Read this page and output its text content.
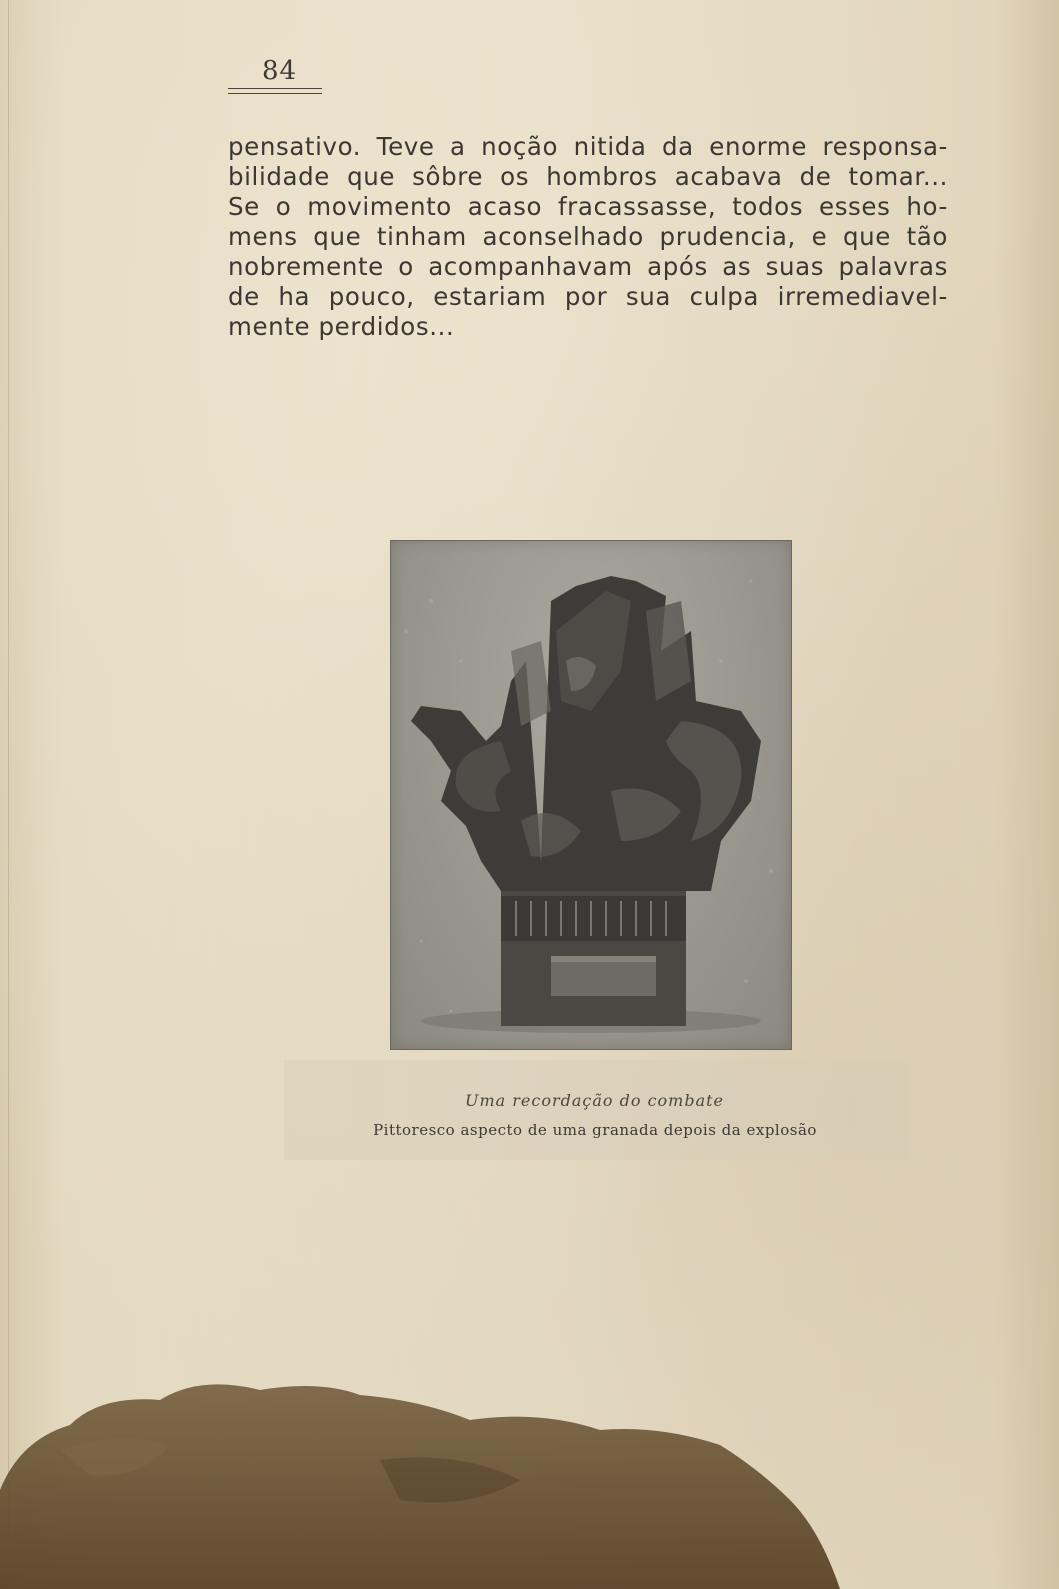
84

pensativo. Teve a noção nitida da enorme responsa-
bilidade que sôbre os hombros acabava de tomar...
Se o movimento acaso fracassasse, todos esses ho-
mens que tinham aconselhado prudencia, e que tão
nobremente o acompanhavam após as suas palavras
de ha pouco, estariam por sua culpa irremediavel-
mente perdidos...

Uma recordação do combate
Pittoresco aspecto de uma granada depois da explosão
